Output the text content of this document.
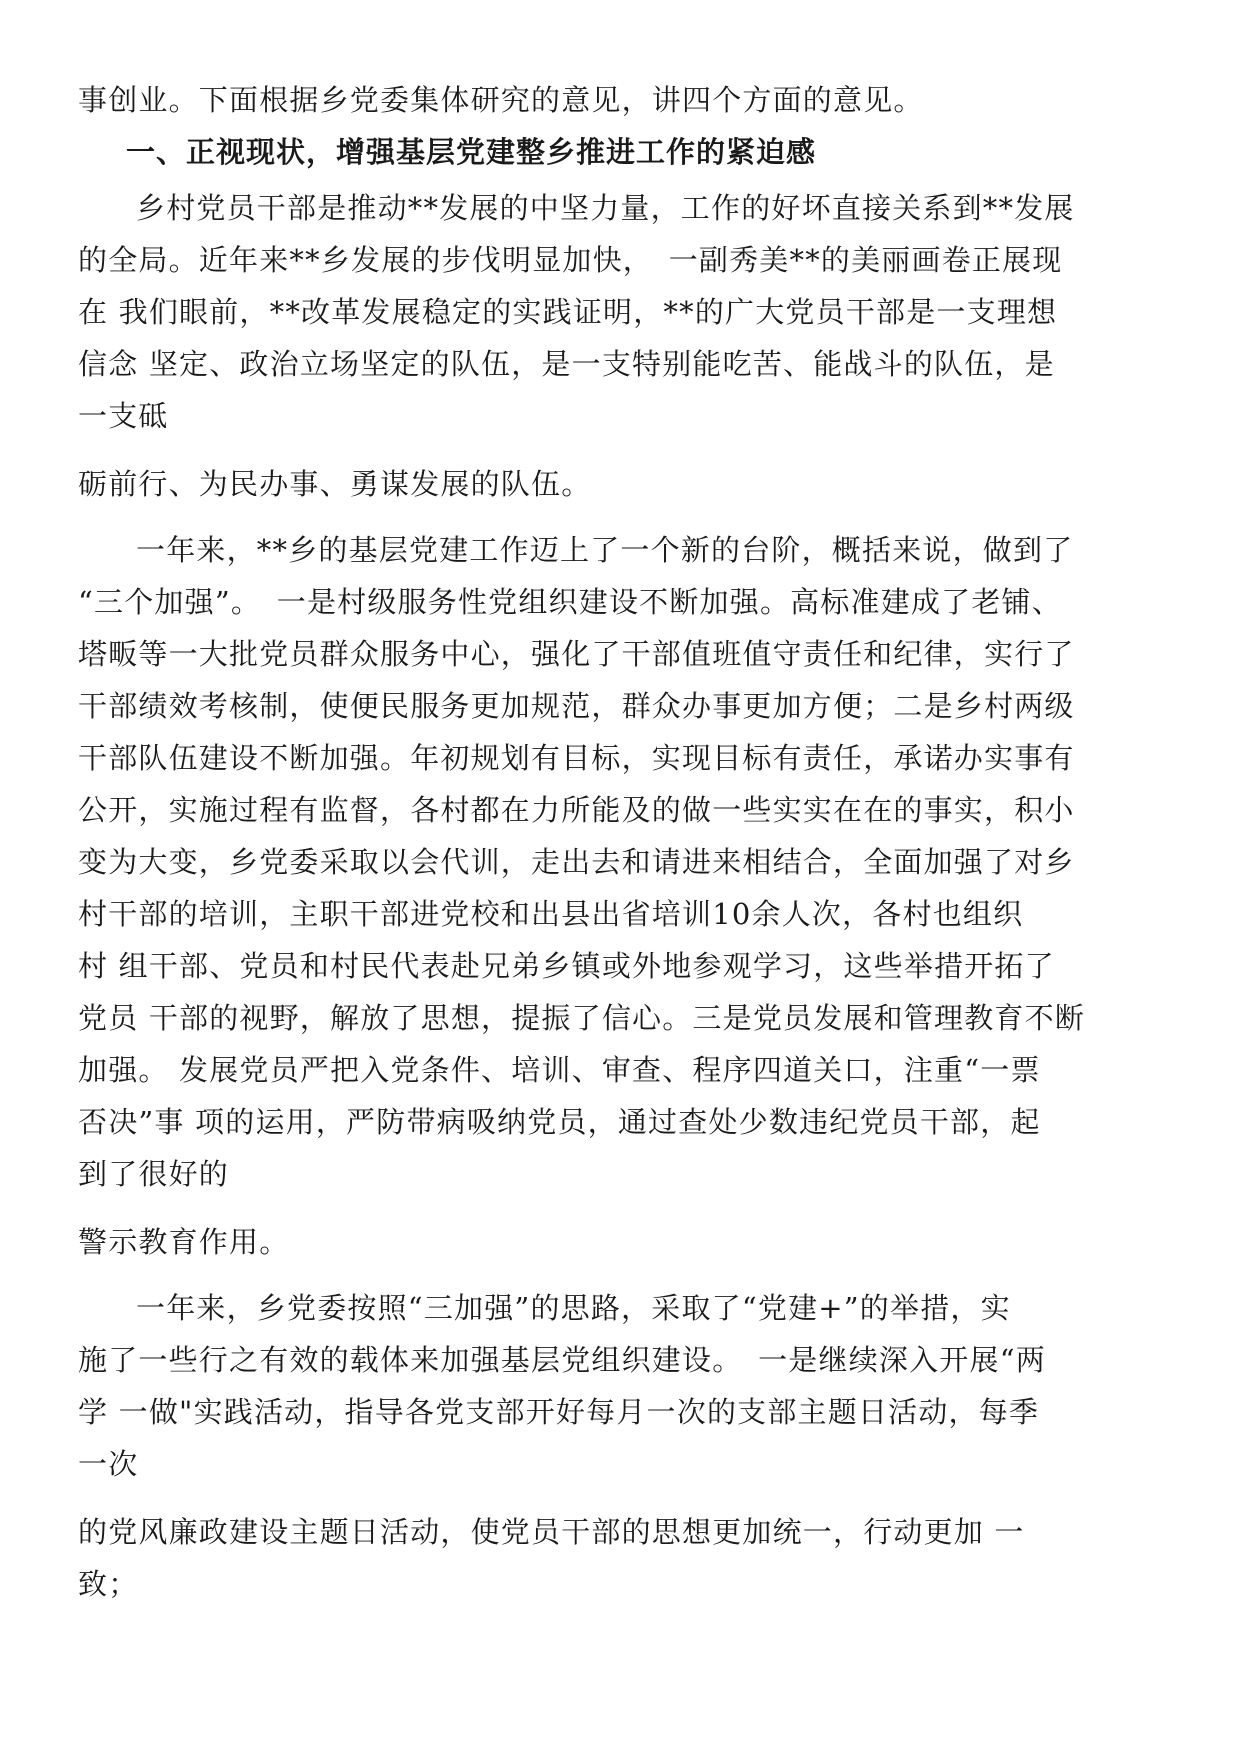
事创业。下面根据乡党委集体研究的意见，讲四个方面的意见。
一、正视现状，增强基层党建整乡推进工作的紧迫感
乡村党员干部是推动**发展的中坚力量，工作的好坏直接关系到**发展
的全局。近年来**乡发展的步伐明显加快，　一副秀美**的美丽画卷正展现
在 我们眼前，**改革发展稳定的实践证明，**的广大党员干部是一支理想
信念 坚定、政治立场坚定的队伍，是一支特别能吃苦、能战斗的队伍，是
一支砥
砺前行、为民办事、勇谋发展的队伍。
一年来，**乡的基层党建工作迈上了一个新的台阶，概括来说，做到了
“三个加强”。　一是村级服务性党组织建设不断加强。高标准建成了老铺、
塔畈等一大批党员群众服务中心，强化了干部值班值守责任和纪律，实行了
干部绩效考核制，使便民服务更加规范，群众办事更加方便；二是乡村两级
干部队伍建设不断加强。年初规划有目标，实现目标有责任，承诺办实事有
公开，实施过程有监督，各村都在力所能及的做一些实实在在的事实，积小
变为大变，乡党委采取以会代训，走出去和请进来相结合，全面加强了对乡
村干部的培训，主职干部进党校和出县出省培训10余人次，各村也组织
村 组干部、党员和村民代表赴兄弟乡镇或外地参观学习，这些举措开拓了
党员 干部的视野，解放了思想，提振了信心。三是党员发展和管理教育不断
加强。 发展党员严把入党条件、培训、审查、程序四道关口，注重“一票
否决”事 项的运用，严防带病吸纳党员，通过查处少数违纪党员干部，起
到了很好的
警示教育作用。
一年来，乡党委按照“三加强”的思路，采取了“党建+”的举措，实
施了一些行之有效的载体来加强基层党组织建设。　一是继续深入开展“两
学 一做"实践活动，指导各党支部开好每月一次的支部主题日活动，每季
一次
的党风廉政建设主题日活动，使党员干部的思想更加统一，行动更加 一
致；
